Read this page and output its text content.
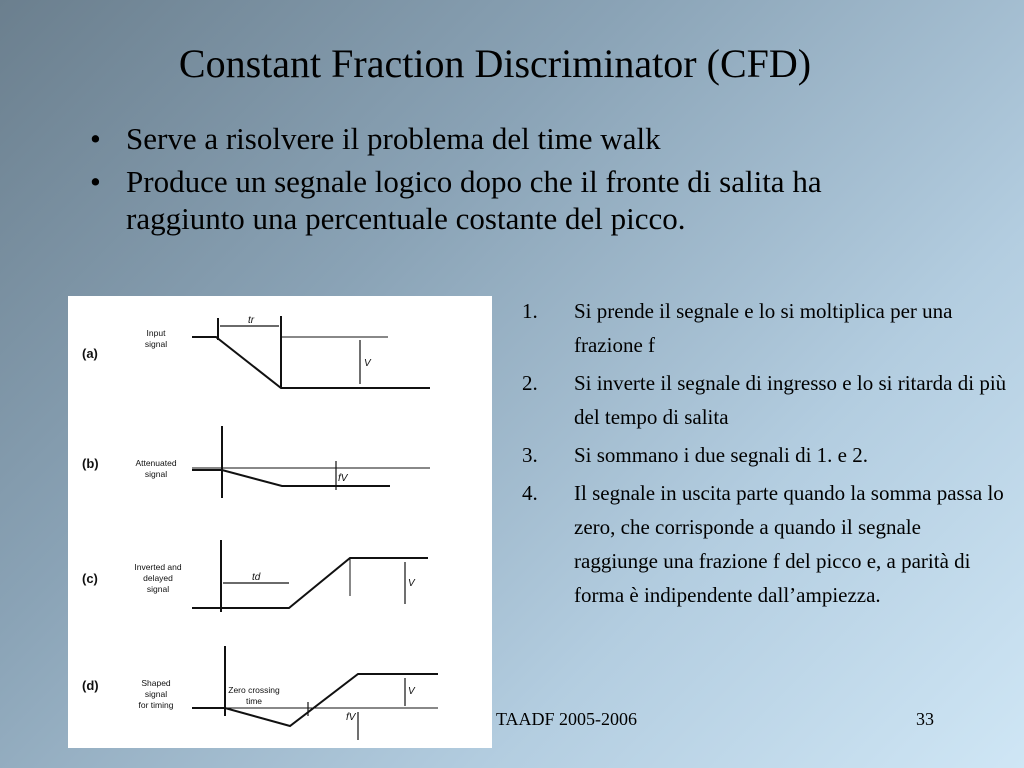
Constant Fraction Discriminator (CFD)
• Serve a risolvere il problema del time walk
• Produce un segnale logico dopo che il fronte di salita ha raggiunto una percentuale costante del picco.
(a)
(b)
(c)
(d)
Input
signal
Attenuated
signal
Inverted and
delayed
signal
Shaped
signal
for timing
Zero crossing
time
tr
V
fV
td
V
V
fV
1. Si prende il segnale e lo si moltiplica per una frazione f
2. Si inverte il segnale di ingresso e lo si ritarda di più del tempo di salita
3. Si sommano i due segnali di 1. e 2.
4. Il segnale in uscita parte quando la somma passa lo zero, che corrisponde a quando il segnale raggiunge una frazione f del picco e, a parità di forma è indipendente dall’ampiezza.
TAADF 2005-2006	33
